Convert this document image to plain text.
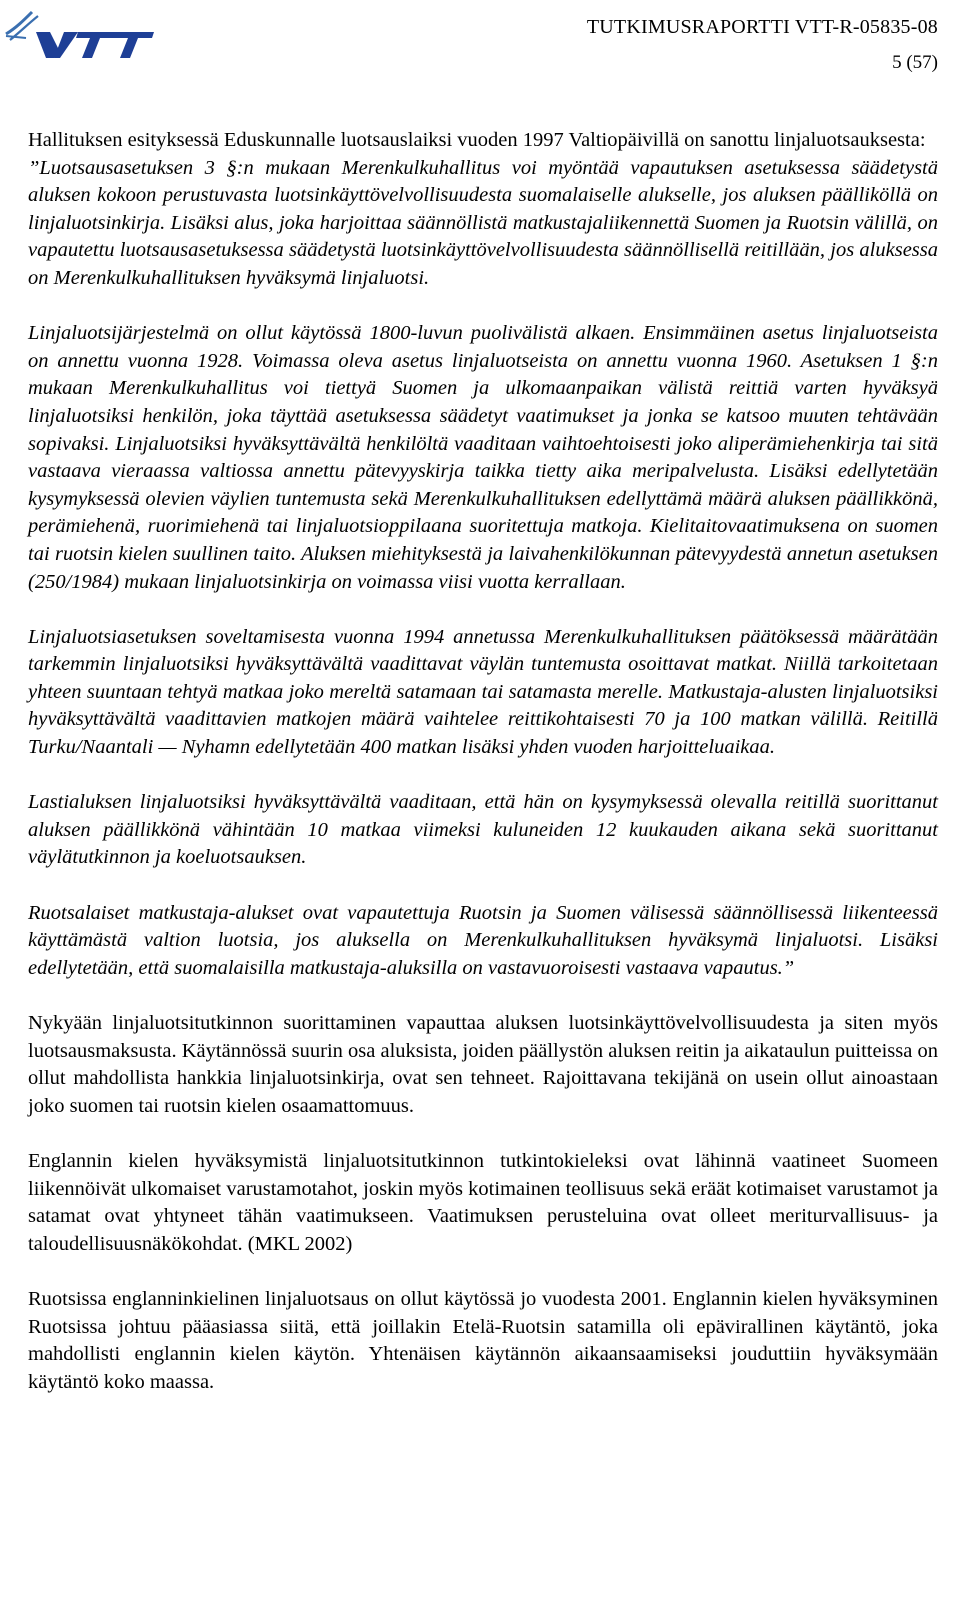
TUTKIMUSRAPORTTI VTT-R-05835-08
5 (57)

Hallituksen esityksessä Eduskunnalle luotsauslaiksi vuoden 1997 Valtiopäivillä on sanottu linjaluotsauksesta:
”Luotsausasetuksen 3 §:n mukaan Merenkulkuhallitus voi myöntää vapautuksen asetuksessa säädetystä aluksen kokoon perustuvasta luotsinkäyttövelvollisuudesta suomalaiselle alukselle, jos aluksen päälliköllä on linjaluotsinkirja. Lisäksi alus, joka harjoittaa säännöllistä matkustajaliikennettä Suomen ja Ruotsin välillä, on vapautettu luotsausasetuksessa säädetystä luotsinkäyttövelvollisuudesta säännöllisellä reitillään, jos aluksessa on Merenkulkuhallituksen hyväksymä linjaluotsi.

Linjaluotsijärjestelmä on ollut käytössä 1800-luvun puolivälistä alkaen. Ensimmäinen asetus linjaluotseista on annettu vuonna 1928. Voimassa oleva asetus linjaluotseista on annettu vuonna 1960. Asetuksen 1 §:n mukaan Merenkulkuhallitus voi tiettyä Suomen ja ulkomaanpaikan välistä reittiä varten hyväksyä linjaluotsiksi henkilön, joka täyttää asetuksessa säädetyt vaatimukset ja jonka se katsoo muuten tehtävään sopivaksi. Linjaluotsiksi hyväksyttävältä henkilöltä vaaditaan vaihtoehtoisesti joko aliperämiehenkirja tai sitä vastaava vieraassa valtiossa annettu pätevyyskirja taikka tietty aika meripalvelusta. Lisäksi edellytetään kysymyksessä olevien väylien tuntemusta sekä Merenkulkuhallituksen edellyttämä määrä aluksen päällikkönä, perämiehenä, ruorimiehenä tai linjaluotsioppilaana suoritettuja matkoja. Kielitaitovaatimuksena on suomen tai ruotsin kielen suullinen taito. Aluksen miehityksestä ja laivahenkilökunnan pätevyydestä annetun asetuksen (250/1984) mukaan linjaluotsinkirja on voimassa viisi vuotta kerrallaan.

Linjaluotsiasetuksen soveltamisesta vuonna 1994 annetussa Merenkulkuhallituksen päätöksessä määrätään tarkemmin linjaluotsiksi hyväksyttävältä vaadittavat väylän tuntemusta osoittavat matkat. Niillä tarkoitetaan yhteen suuntaan tehtyä matkaa joko mereltä satamaan tai satamasta merelle. Matkustaja-alusten linjaluotsiksi hyväksyttävältä vaadittavien matkojen määrä vaihtelee reittikohtaisesti 70 ja 100 matkan välillä. Reitillä Turku/Naantali — Nyhamn edellytetään 400 matkan lisäksi yhden vuoden harjoitteluaikaa.

Lastialuksen linjaluotsiksi hyväksyttävältä vaaditaan, että hän on kysymyksessä olevalla reitillä suorittanut aluksen päällikkönä vähintään 10 matkaa viimeksi kuluneiden 12 kuukauden aikana sekä suorittanut väylätutkinnon ja koeluotsauksen.

Ruotsalaiset matkustaja-alukset ovat vapautettuja Ruotsin ja Suomen välisessä säännöllisessä liikenteessä käyttämästä valtion luotsia, jos aluksella on Merenkulkuhallituksen hyväksymä linjaluotsi. Lisäksi edellytetään, että suomalaisilla matkustaja-aluksilla on vastavuoroisesti vastaava vapautus.”

Nykyään linjaluotsitutkinnon suorittaminen vapauttaa aluksen luotsinkäyttövelvollisuudesta ja siten myös luotsausmaksusta. Käytännössä suurin osa aluksista, joiden päällystön aluksen reitin ja aikataulun puitteissa on ollut mahdollista hankkia linjaluotsinkirja, ovat sen tehneet. Rajoittavana tekijänä on usein ollut ainoastaan joko suomen tai ruotsin kielen osaamattomuus.

Englannin kielen hyväksymistä linjaluotsitutkinnon tutkintokieleksi ovat lähinnä vaatineet Suomeen liikennöivät ulkomaiset varustamotahot, joskin myös kotimainen teollisuus sekä eräät kotimaiset varustamot ja satamat ovat yhtyneet tähän vaatimukseen. Vaatimuksen perusteluina ovat olleet meriturvallisuus- ja taloudellisuusnäkökohdat. (MKL 2002)

Ruotsissa englanninkielinen linjaluotsaus on ollut käytössä jo vuodesta 2001. Englannin kielen hyväksyminen Ruotsissa johtuu pääasiassa siitä, että joillakin Etelä-Ruotsin satamilla oli epävirallinen käytäntö, joka mahdollisti englannin kielen käytön. Yhtenäisen käytännön aikaansaamiseksi jouduttiin hyväksymään käytäntö koko maassa.
